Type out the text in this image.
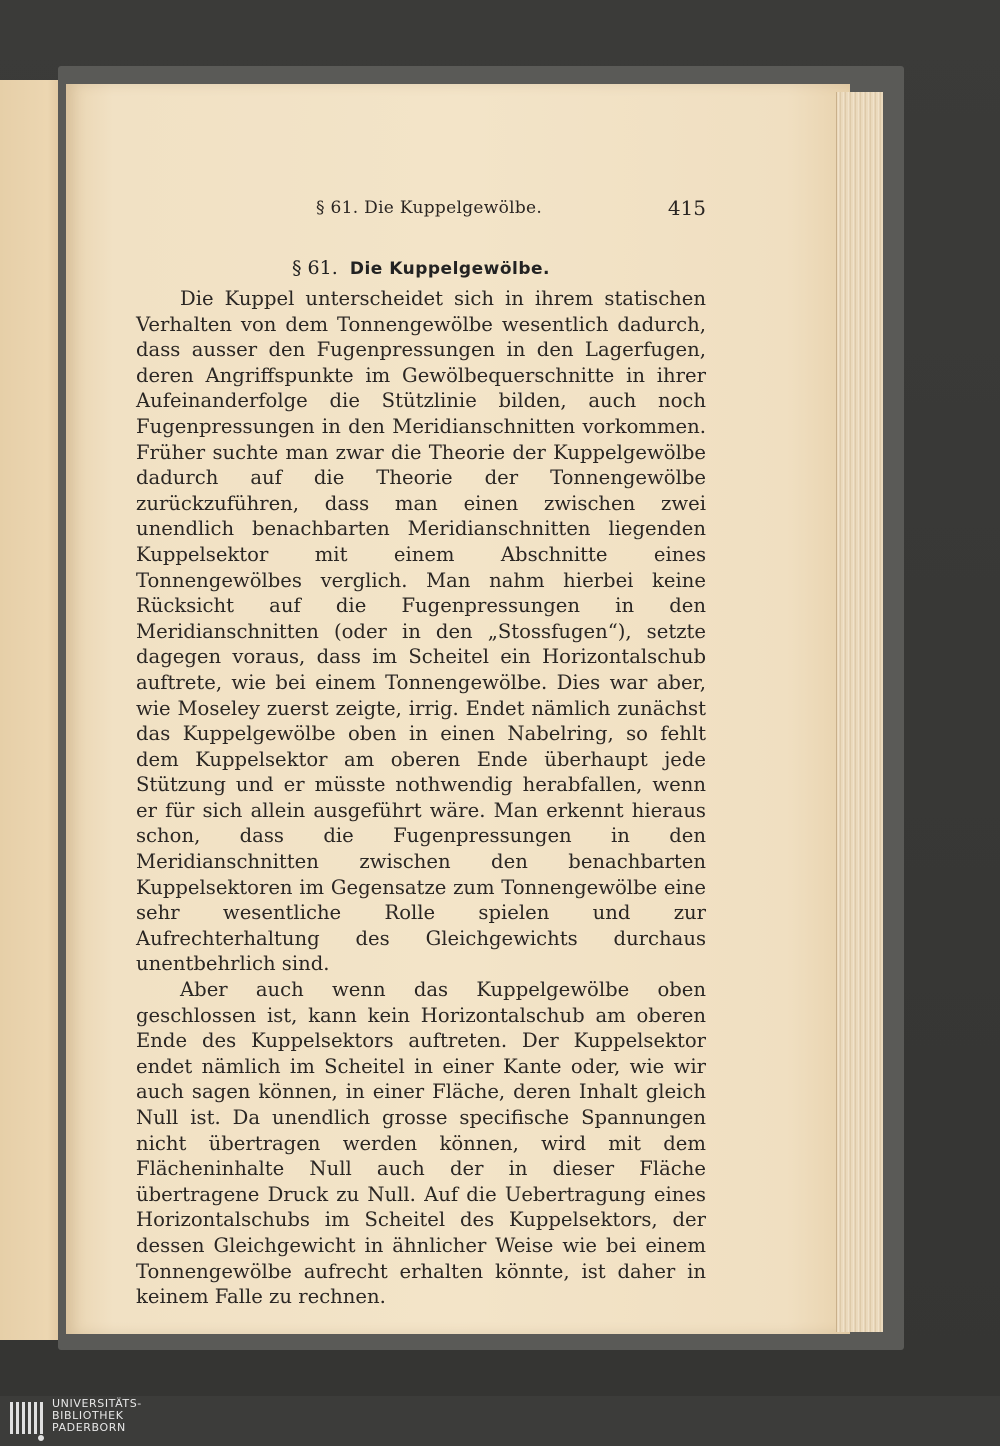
§ 61. Die Kuppelgewölbe.	415
§ 61. Die Kuppelgewölbe.

Die Kuppel unterscheidet sich in ihrem statischen Verhalten von dem Tonnengewölbe wesentlich dadurch, dass ausser den Fugenpressungen in den Lagerfugen, deren Angriffspunkte im Gewölbequerschnitte in ihrer Aufeinanderfolge die Stützlinie bilden, auch noch Fugenpressungen in den Meridianschnitten vorkommen. Früher suchte man zwar die Theorie der Kuppelgewölbe dadurch auf die Theorie der Tonnengewölbe zurückzuführen, dass man einen zwischen zwei unendlich benachbarten Meridianschnitten liegenden Kuppelsektor mit einem Abschnitte eines Tonnengewölbes verglich. Man nahm hierbei keine Rücksicht auf die Fugenpressungen in den Meridianschnitten (oder in den „Stossfugen“), setzte dagegen voraus, dass im Scheitel ein Horizontalschub auftrete, wie bei einem Tonnengewölbe. Dies war aber, wie Moseley zuerst zeigte, irrig. Endet nämlich zunächst das Kuppelgewölbe oben in einen Nabelring, so fehlt dem Kuppelsektor am oberen Ende überhaupt jede Stützung und er müsste nothwendig herabfallen, wenn er für sich allein ausgeführt wäre. Man erkennt hieraus schon, dass die Fugenpressungen in den Meridianschnitten zwischen den benachbarten Kuppelsektoren im Gegensatze zum Tonnengewölbe eine sehr wesentliche Rolle spielen und zur Aufrechterhaltung des Gleichgewichts durchaus unentbehrlich sind.

Aber auch wenn das Kuppelgewölbe oben geschlossen ist, kann kein Horizontalschub am oberen Ende des Kuppelsektors auftreten. Der Kuppelsektor endet nämlich im Scheitel in einer Kante oder, wie wir auch sagen können, in einer Fläche, deren Inhalt gleich Null ist. Da unendlich grosse specifische Spannungen nicht übertragen werden können, wird mit dem Flächeninhalte Null auch der in dieser Fläche übertragene Druck zu Null. Auf die Uebertragung eines Horizontalschubs im Scheitel des Kuppelsektors, der dessen Gleichgewicht in ähnlicher Weise wie bei einem Tonnengewölbe aufrecht erhalten könnte, ist daher in keinem Falle zu rechnen.

UNIVERSITÄTS-
BIBLIOTHEK
PADERBORN
